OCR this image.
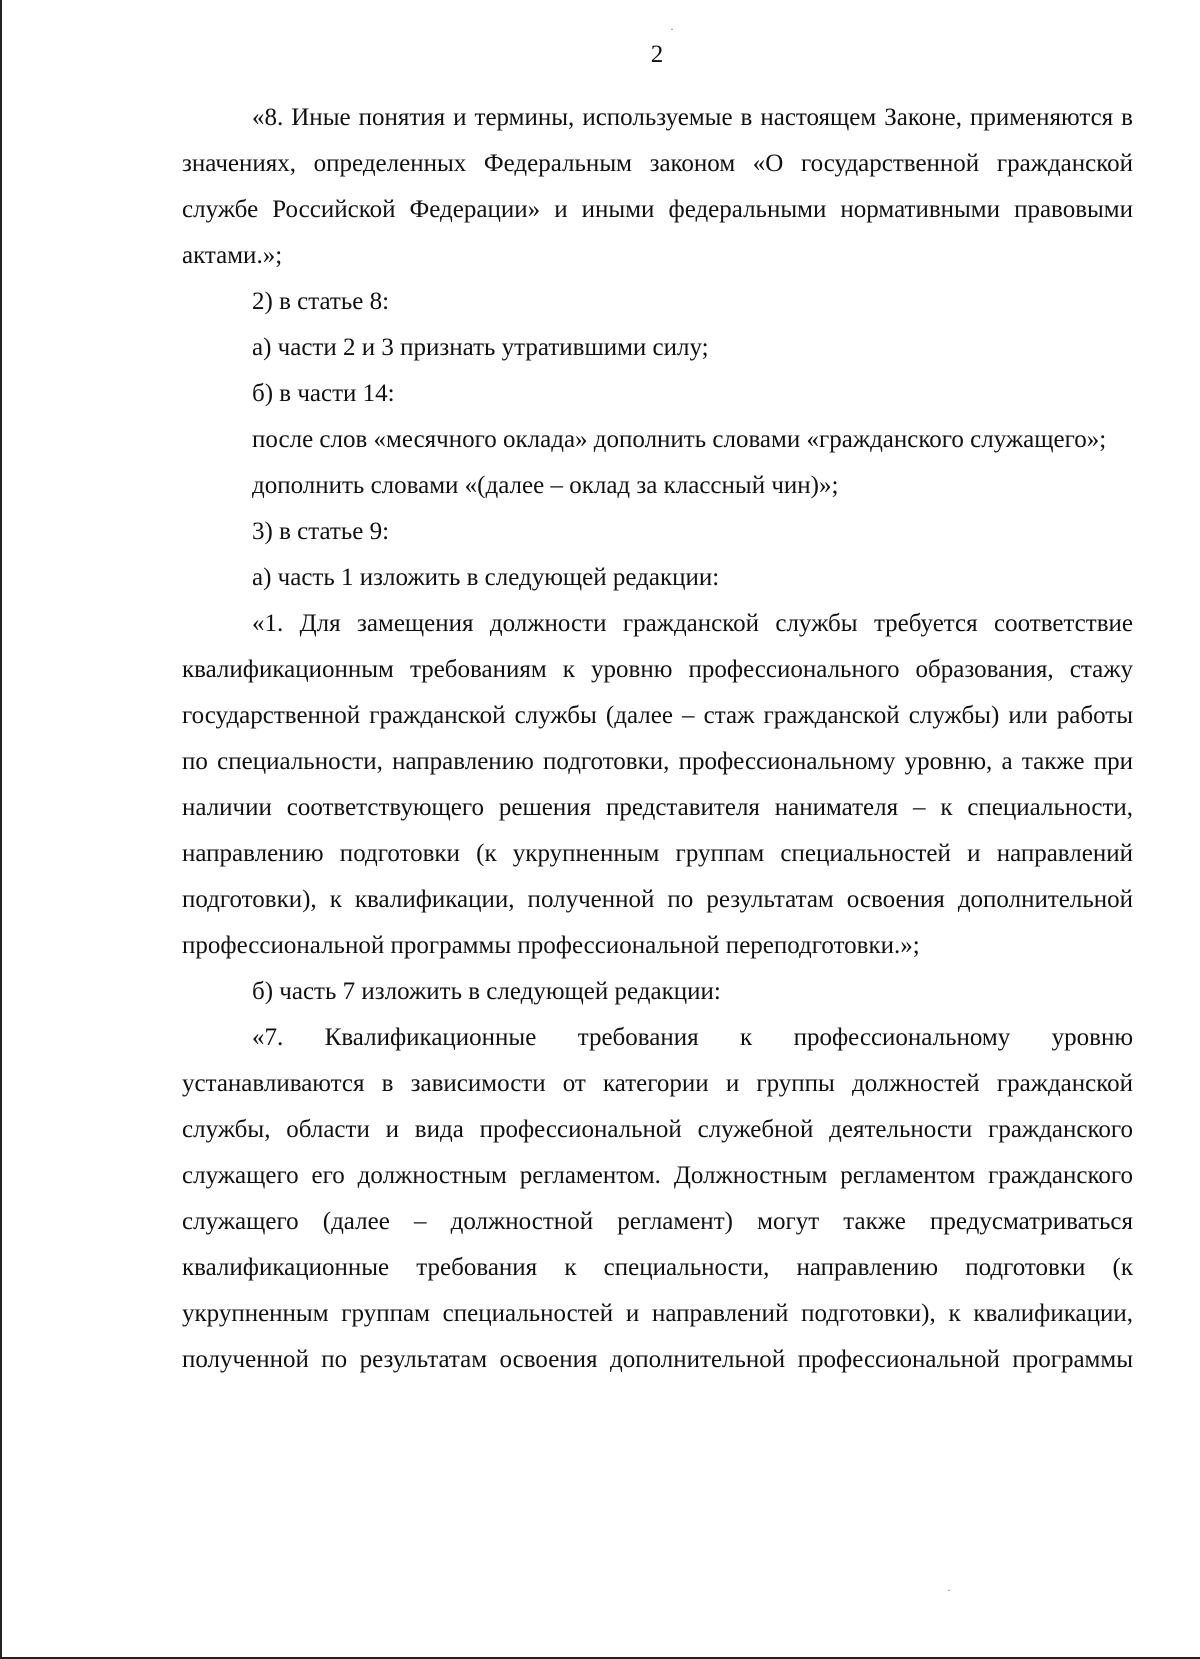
·
·
2

«8. Иные понятия и термины, используемые в настоящем Законе, применяются в значениях, определенных Федеральным законом «О государственной гражданской службе Российской Федерации» и иными федеральными нормативными правовыми актами.»;

2) в статье 8:

а) части 2 и 3 признать утратившими силу;

б) в части 14:

после слов «месячного оклада» дополнить словами «гражданского служащего»;

дополнить словами «(далее – оклад за классный чин)»;

3) в статье 9:

а) часть 1 изложить в следующей редакции:

«1. Для замещения должности гражданской службы требуется соответствие квалификационным требованиям к уровню профессионального образования, стажу государственной гражданской службы (далее – стаж гражданской службы) или работы по специальности, направлению подготовки, профессиональному уровню, а также при наличии соответствующего решения представителя нанимателя – к специальности, направлению подготовки (к укрупненным группам специальностей и направлений подготовки), к квалификации, полученной по результатам освоения дополнительной профессиональной программы профессиональной переподготовки.»;

б) часть 7 изложить в следующей редакции:

«7. Квалификационные требования к профессиональному уровню устанавливаются в зависимости от категории и группы должностей гражданской службы, области и вида профессиональной служебной деятельности гражданского служащего его должностным регламентом. Должностным регламентом гражданского служащего (далее – должностной регламент) могут также предусматриваться квалификационные требования к специальности, направлению подготовки (к укрупненным группам специальностей и направлений подготовки), к квалификации, полученной по результатам освоения дополнительной профессиональной программы
